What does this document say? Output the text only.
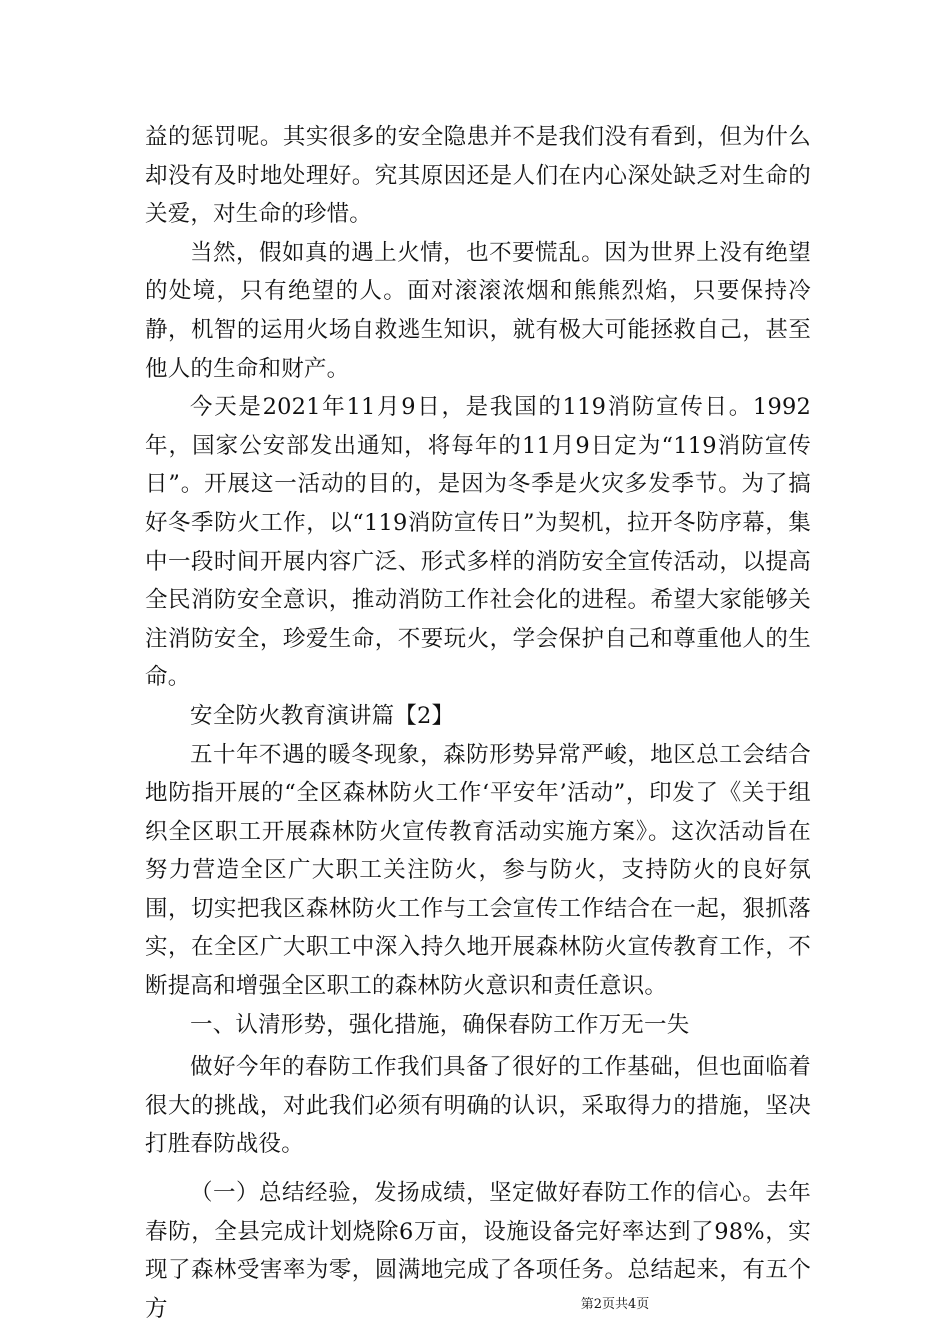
益的惩罚呢。其实很多的安全隐患并不是我们没有看到，但为什么却没有及时地处理好。究其原因还是人们在内心深处缺乏对生命的关爱，对生命的珍惜。

当然，假如真的遇上火情，也不要慌乱。因为世界上没有绝望的处境，只有绝望的人。面对滚滚浓烟和熊熊烈焰，只要保持冷静，机智的运用火场自救逃生知识，就有极大可能拯救自己，甚至他人的生命和财产。

今天是2021年11月9日，是我国的119消防宣传日。1992年，国家公安部发出通知，将每年的11月9日定为“119消防宣传日”。开展这一活动的目的，是因为冬季是火灾多发季节。为了搞好冬季防火工作，以“119消防宣传日”为契机，拉开冬防序幕，集中一段时间开展内容广泛、形式多样的消防安全宣传活动，以提高全民消防安全意识，推动消防工作社会化的进程。希望大家能够关注消防安全，珍爱生命，不要玩火，学会保护自己和尊重他人的生命。

安全防火教育演讲篇【2】

五十年不遇的暖冬现象，森防形势异常严峻，地区总工会结合地防指开展的“全区森林防火工作‘平安年’活动”，印发了《关于组织全区职工开展森林防火宣传教育活动实施方案》。这次活动旨在努力营造全区广大职工关注防火，参与防火，支持防火的良好氛围，切实把我区森林防火工作与工会宣传工作结合在一起，狠抓落实，在全区广大职工中深入持久地开展森林防火宣传教育工作，不断提高和增强全区职工的森林防火意识和责任意识。

一、认清形势，强化措施，确保春防工作万无一失

做好今年的春防工作我们具备了很好的工作基础，但也面临着很大的挑战，对此我们必须有明确的认识，采取得力的措施，坚决打胜春防战役。

（一）总结经验，发扬成绩，坚定做好春防工作的信心。去年春防，全县完成计划烧除6万亩，设施设备完好率达到了98%，实现了森林受害率为零，圆满地完成了各项任务。总结起来，有五个方	第2页共4页
